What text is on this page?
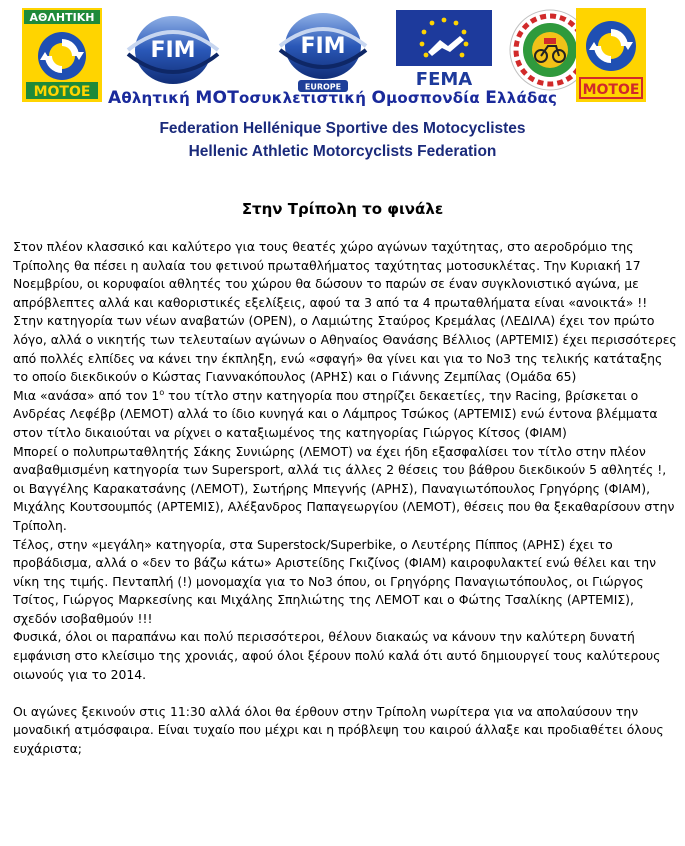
ΑΘΛΗΤΙΚΗ
ΜΟΤΟΕ
FIM	FIM
EUROPE	FEMA	ΜΟΤΟΕ
Αθλητική ΜΟΤοσυκλετιστική Ομοσπονδία Ελλάδας
Federation Hellénique Sportive des Motocyclistes
Hellenic Athletic Motorcyclists Federation
Στην Τρίπολη το φινάλε

Στον πλέον κλασσικό και καλύτερο για τους θεατές χώρο αγώνων ταχύτητας, στο αεροδρόμιο της Τρίπολης θα πέσει η αυλαία του φετινού πρωταθλήματος ταχύτητας μοτοσυκλέτας. Την Κυριακή 17 Νοεμβρίου, οι κορυφαίοι αθλητές του χώρου θα δώσουν το παρών σε έναν συγκλονιστικό αγώνα, με απρόβλεπτες αλλά και καθοριστικές εξελίξεις, αφού τα 3 από τα 4 πρωταθλήματα είναι «ανοικτά» !!

Στην κατηγορία των νέων αναβατών (OPEN), ο Λαμιώτης Σταύρος Κρεμάλας (ΛΕΔΙΛΑ) έχει τον πρώτο λόγο, αλλά ο νικητής των τελευταίων αγώνων ο Αθηναίος Θανάσης Βέλλιος (ΑΡΤΕΜΙΣ) έχει περισσότερες από πολλές ελπίδες να κάνει την έκπληξη, ενώ «σφαγή» θα γίνει και για το Νο3 της τελικής κατάταξης το οποίο διεκδικούν ο Κώστας Γιαννακόπουλος (ΑΡΗΣ) και ο Γιάννης Ζεμπίλας (Ομάδα 65)

Μια «ανάσα» από τον $1^o$ του τίτλο στην κατηγορία που στηρίζει δεκαετίες, την Racing, βρίσκεται ο Ανδρέας Λεφέβρ (ΛΕΜΟΤ) αλλά το ίδιο κυνηγά και ο Λάμπρος Τσώκος (ΑΡΤΕΜΙΣ) ενώ έντονα βλέμματα στον τίτλο δικαιούται να ρίχνει ο καταξιωμένος της κατηγορίας Γιώργος Κίτσος (ΦΙΑΜ)

Μπορεί ο πολυπρωταθλητής Σάκης Συνιώρης (ΛΕΜΟΤ) να έχει ήδη εξασφαλίσει τον τίτλο στην πλέον αναβαθμισμένη κατηγορία των Supersport, αλλά τις άλλες 2 θέσεις του βάθρου διεκδικούν 5 αθλητές !, οι Βαγγέλης Καρακατσάνης (ΛΕΜΟΤ), Σωτήρης Μπεγνής (ΑΡΗΣ), Παναγιωτόπουλος Γρηγόρης (ΦΙΑΜ), Μιχάλης Κουτσουμπός (ΑΡΤΕΜΙΣ), Αλέξανδρος Παπαγεωργίου (ΛΕΜΟΤ), θέσεις που θα ξεκαθαρίσουν στην Τρίπολη.

Τέλος, στην «μεγάλη» κατηγορία, στα Superstock/Superbike, ο Λευτέρης Πίππος (ΑΡΗΣ) έχει το προβάδισμα, αλλά ο «δεν το βάζω κάτω» Αριστείδης Γκιζίνος (ΦΙΑΜ) καιροφυλακτεί ενώ θέλει και την νίκη της τιμής. Πενταπλή (!) μονομαχία για το Νο3 όπου, οι Γρηγόρης Παναγιωτόπουλος, οι Γιώργος Τσίτος, Γιώργος Μαρκεσίνης και Μιχάλης Σπηλιώτης της ΛΕΜΟΤ και ο Φώτης Τσαλίκης (ΑΡΤΕΜΙΣ), σχεδόν ισοβαθμούν !!!

Φυσικά, όλοι οι παραπάνω και πολύ περισσότεροι, θέλουν διακαώς να κάνουν την καλύτερη δυνατή εμφάνιση στο κλείσιμο της χρονιάς, αφού όλοι ξέρουν πολύ καλά ότι αυτό δημιουργεί τους καλύτερους οιωνούς για το 2014.

Οι αγώνες ξεκινούν στις 11:30 αλλά όλοι θα έρθουν στην Τρίπολη νωρίτερα για να απολαύσουν την μοναδική ατμόσφαιρα. Είναι τυχαίο που μέχρι και η πρόβλεψη του καιρού άλλαξε και προδιαθέτει όλους ευχάριστα;
